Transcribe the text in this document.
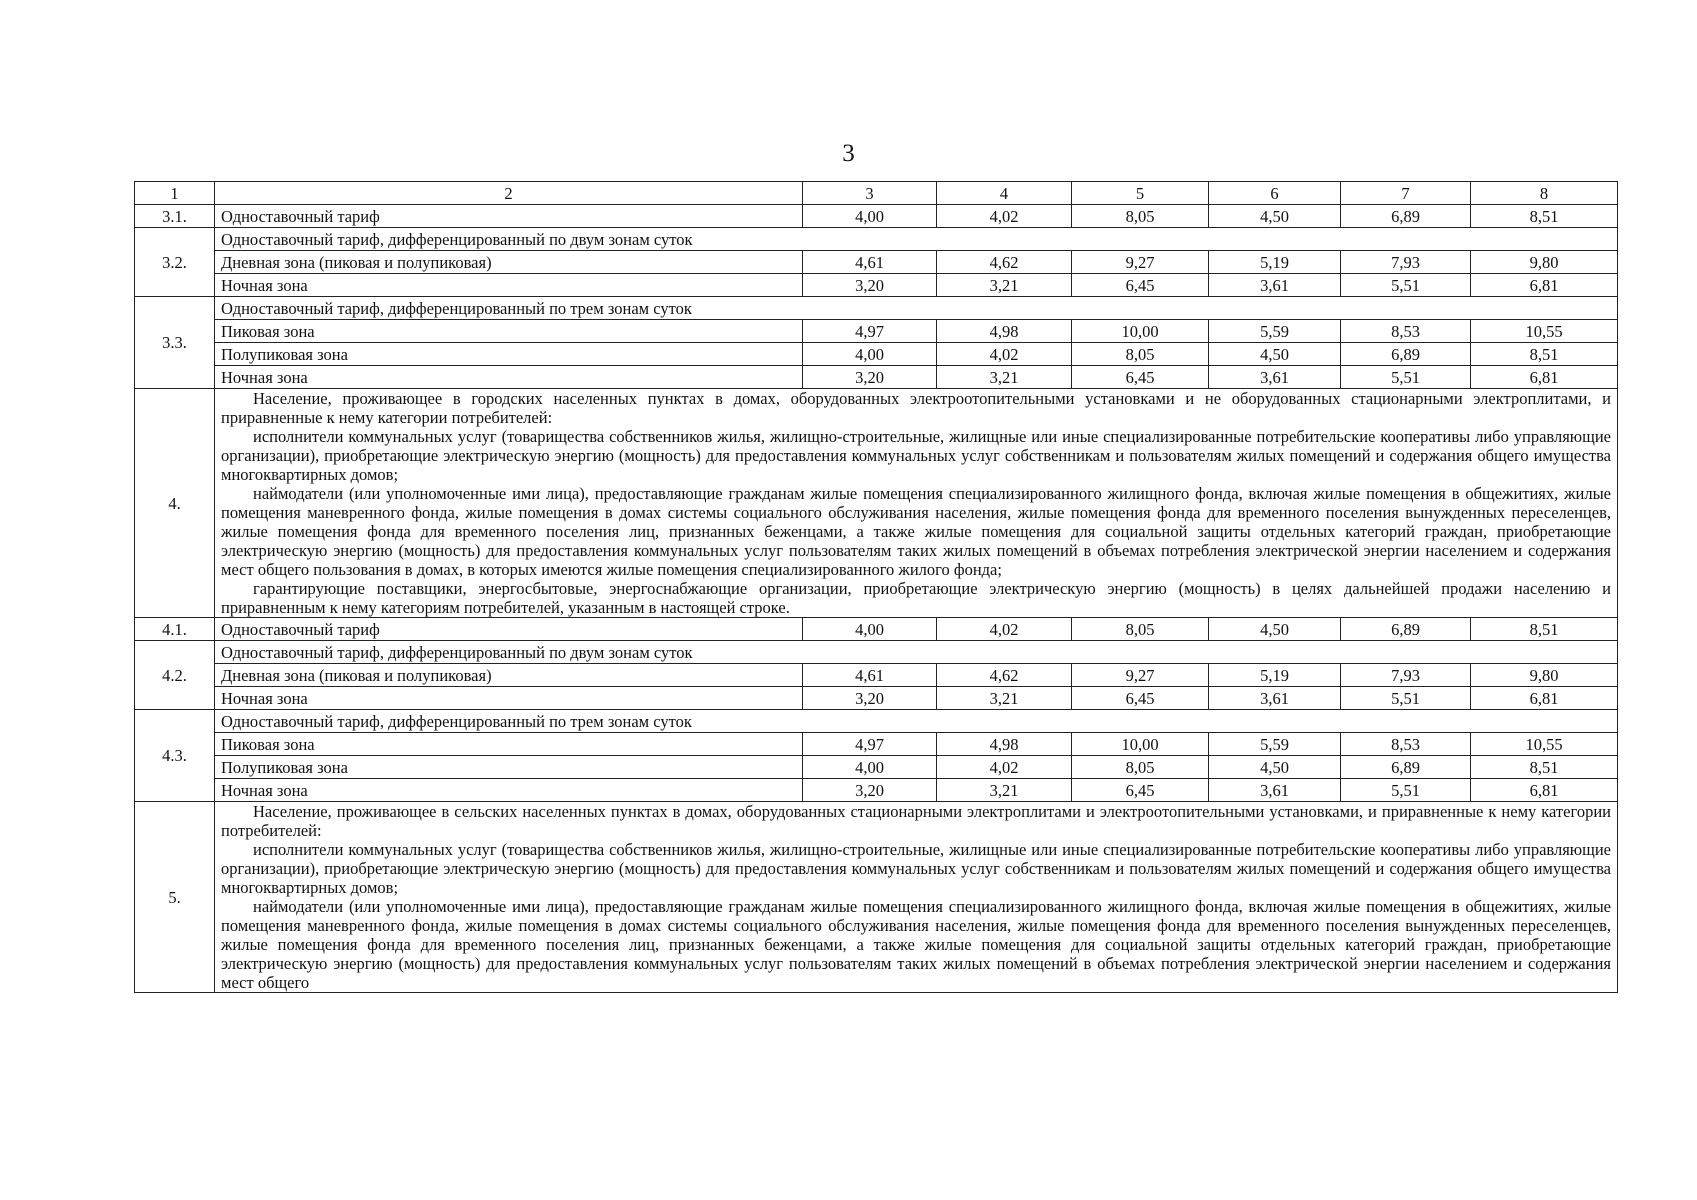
3
1	2	3	4	5	6	7	8
3.1.	Одноставочный тариф	4,00	4,02	8,05	4,50	6,89	8,51
3.2.	Одноставочный тариф, дифференцированный по двум зонам суток						
	Дневная зона (пиковая и полупиковая)	4,61	4,62	9,27	5,19	7,93	9,80
	Ночная зона	3,20	3,21	6,45	3,61	5,51	6,81
3.3.	Одноставочный тариф, дифференцированный по трем зонам суток						
	Пиковая зона	4,97	4,98	10,00	5,59	8,53	10,55
	Полупиковая зона	4,00	4,02	8,05	4,50	6,89	8,51
	Ночная зона	3,20	3,21	6,45	3,61	5,51	6,81
4.	Население, проживающее в городских населенных пунктах в домах, оборудованных электроотопительными установками и не оборудованных стационарными электроплитами, и приравненные к нему категории потребителей:

исполнители коммунальных услуг (товарищества собственников жилья, жилищно-строительные, жилищные или иные специализированные потребительские кооперативы либо управляющие организации), приобретающие электрическую энергию (мощность) для предоставления коммунальных услуг собственникам и пользователям жилых помещений и содержания общего имущества многоквартирных домов;

наймодатели (или уполномоченные ими лица), предоставляющие гражданам жилые помещения специализированного жилищного фонда, включая жилые помещения в общежитиях, жилые помещения маневренного фонда, жилые помещения в домах системы социального обслуживания населения, жилые помещения фонда для временного поселения вынужденных переселенцев, жилые помещения фонда для временного поселения лиц, признанных беженцами, а также жилые помещения для социальной защиты отдельных категорий граждан, приобретающие электрическую энергию (мощность) для предоставления коммунальных услуг пользователям таких жилых помещений в объемах потребления электрической энергии населением и содержания мест общего пользования в домах, в которых имеются жилые помещения специализированного жилого фонда;

гарантирующие поставщики, энергосбытовые, энергоснабжающие организации, приобретающие электрическую энергию (мощность) в целях дальнейшей продажи населению и приравненным к нему категориям потребителей, указанным в настоящей строке.						

4.1.	Одноставочный тариф	4,00	4,02	8,05	4,50	6,89	8,51
4.2.	Одноставочный тариф, дифференцированный по двум зонам суток						
	Дневная зона (пиковая и полупиковая)	4,61	4,62	9,27	5,19	7,93	9,80
	Ночная зона	3,20	3,21	6,45	3,61	5,51	6,81
4.3.	Одноставочный тариф, дифференцированный по трем зонам суток						
	Пиковая зона	4,97	4,98	10,00	5,59	8,53	10,55
	Полупиковая зона	4,00	4,02	8,05	4,50	6,89	8,51
	Ночная зона	3,20	3,21	6,45	3,61	5,51	6,81
5.	Население, проживающее в сельских населенных пунктах в домах, оборудованных стационарными электроплитами и электроотопительными установками, и приравненные к нему категории потребителей:

исполнители коммунальных услуг (товарищества собственников жилья, жилищно-строительные, жилищные или иные специализированные потребительские кооперативы либо управляющие организации), приобретающие электрическую энергию (мощность) для предоставления коммунальных услуг собственникам и пользователям жилых помещений и содержания общего имущества многоквартирных домов;

наймодатели (или уполномоченные ими лица), предоставляющие гражданам жилые помещения специализированного жилищного фонда, включая жилые помещения в общежитиях, жилые помещения маневренного фонда, жилые помещения в домах системы социального обслуживания населения, жилые помещения фонда для временного поселения вынужденных переселенцев, жилые помещения фонда для временного поселения лиц, признанных беженцами, а также жилые помещения для социальной защиты отдельных категорий граждан, приобретающие электрическую энергию (мощность) для предоставления коммунальных услуг пользователям таких жилых помещений в объемах потребления электрической энергии населением и содержания мест общего						
